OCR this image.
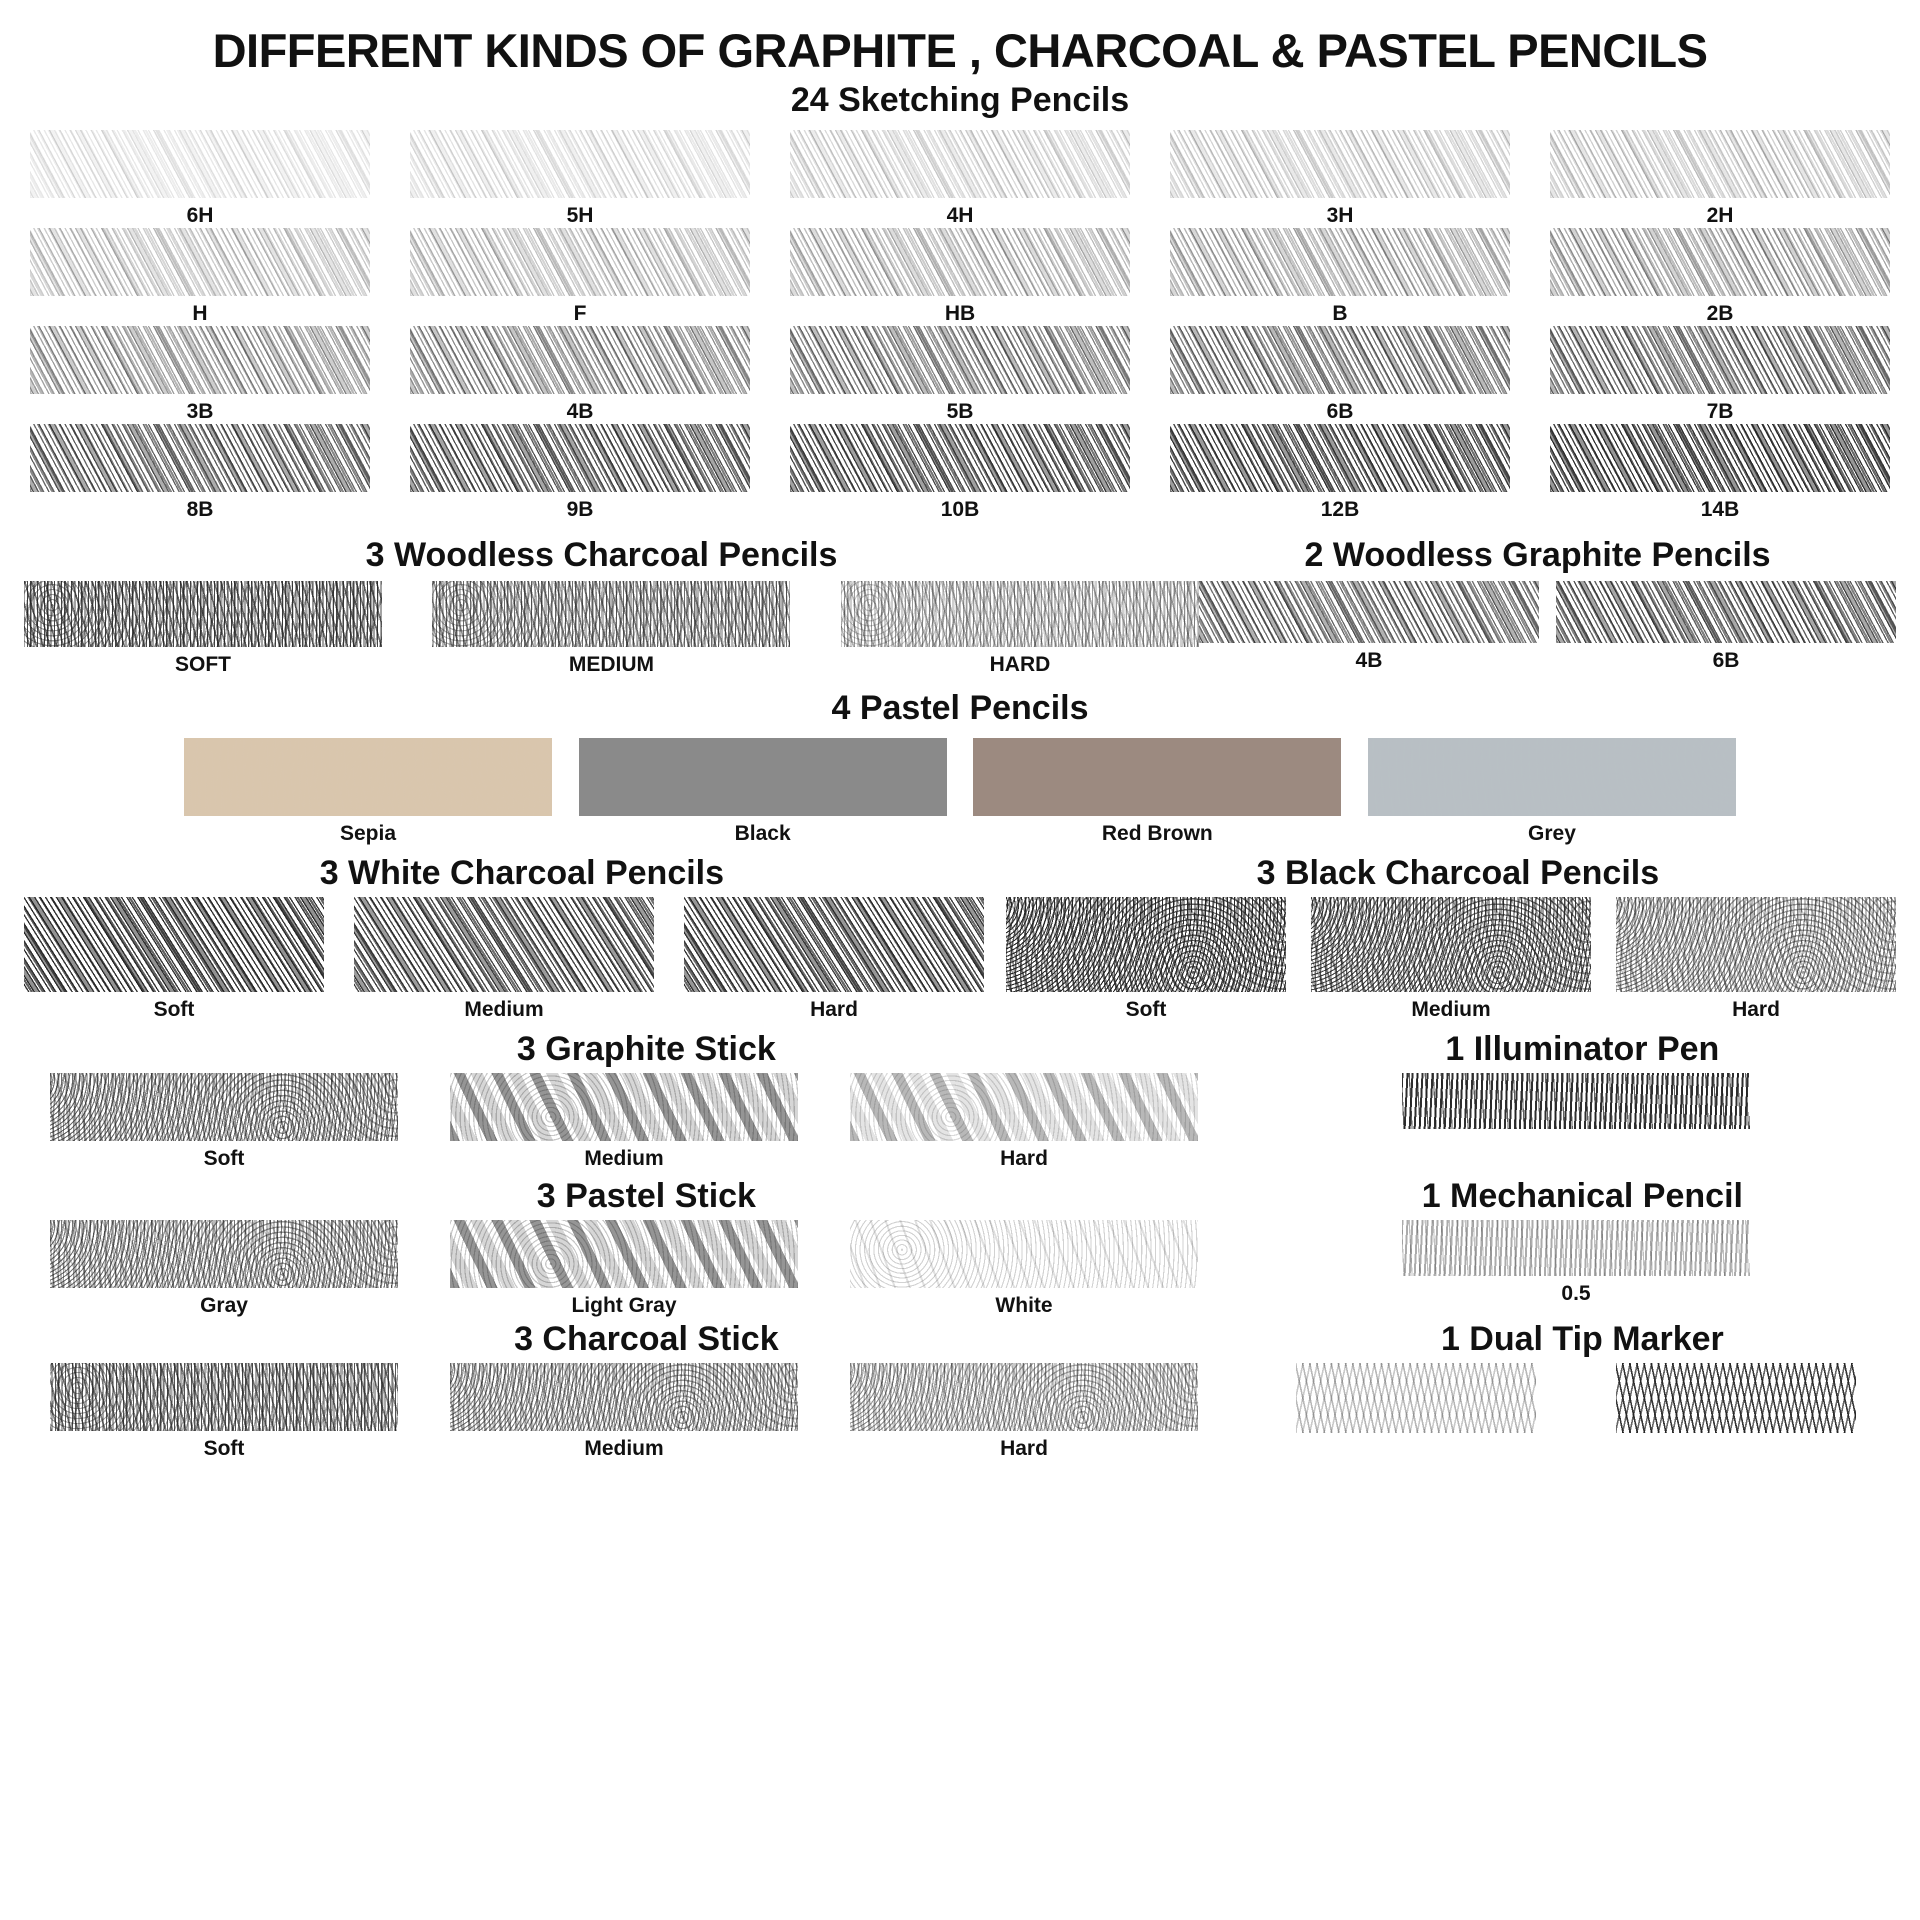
DIFFERENT KINDS OF GRAPHITE , CHARCOAL & PASTEL PENCILS
24 Sketching Pencils
6H	5H	4H	3H	2H
H	F	HB	B	2B
3B	4B	5B	6B	7B
8B	9B	10B	12B	14B
3 Woodless Charcoal Pencils	2 Woodless Graphite Pencils
SOFT	MEDIUM	HARD	4B	6B
4 Pastel Pencils
Sepia	Black	Red Brown	Grey
3 White Charcoal Pencils	3 Black Charcoal Pencils
Soft	Medium	Hard	Soft	Medium	Hard
3 Graphite Stick	1 Illuminator Pen
Soft	Medium	Hard
3 Pastel Stick	1 Mechanical Pencil
Gray	Light Gray	White
0.5
3 Charcoal Stick	1 Dual Tip Marker
Soft	Medium	Hard
